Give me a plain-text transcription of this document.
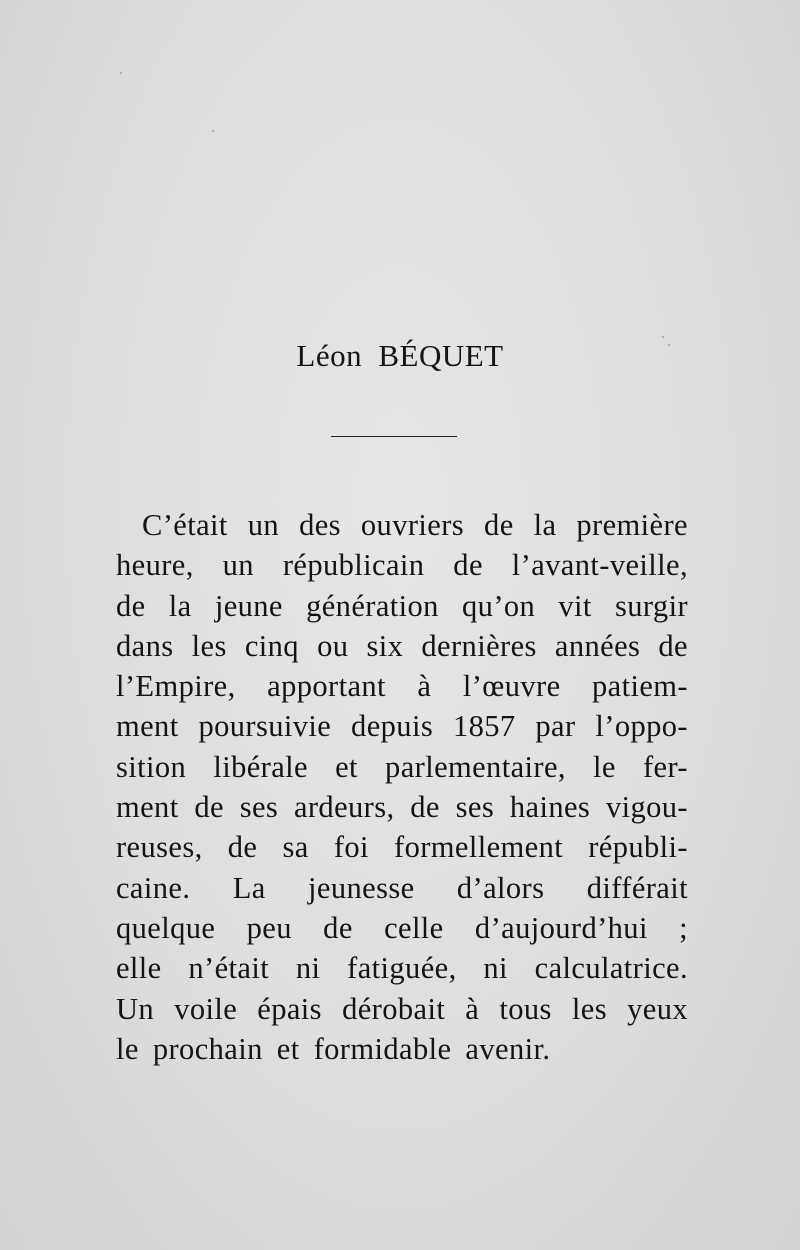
Léon BÉQUET
C’était un des ouvriers de la première
heure, un républicain de l’avant-veille,
de la jeune génération qu’on vit surgir
dans les cinq ou six dernières années de
l’Empire, apportant à l’œuvre patiem-
ment poursuivie depuis 1857 par l’oppo-
sition libérale et parlementaire, le fer-
ment de ses ardeurs, de ses haines vigou-
reuses, de sa foi formellement républi-
caine. La jeunesse d’alors différait
quelque peu de celle d’aujourd’hui ;
elle n’était ni fatiguée, ni calculatrice.
Un voile épais dérobait à tous les yeux
le prochain et formidable avenir.
